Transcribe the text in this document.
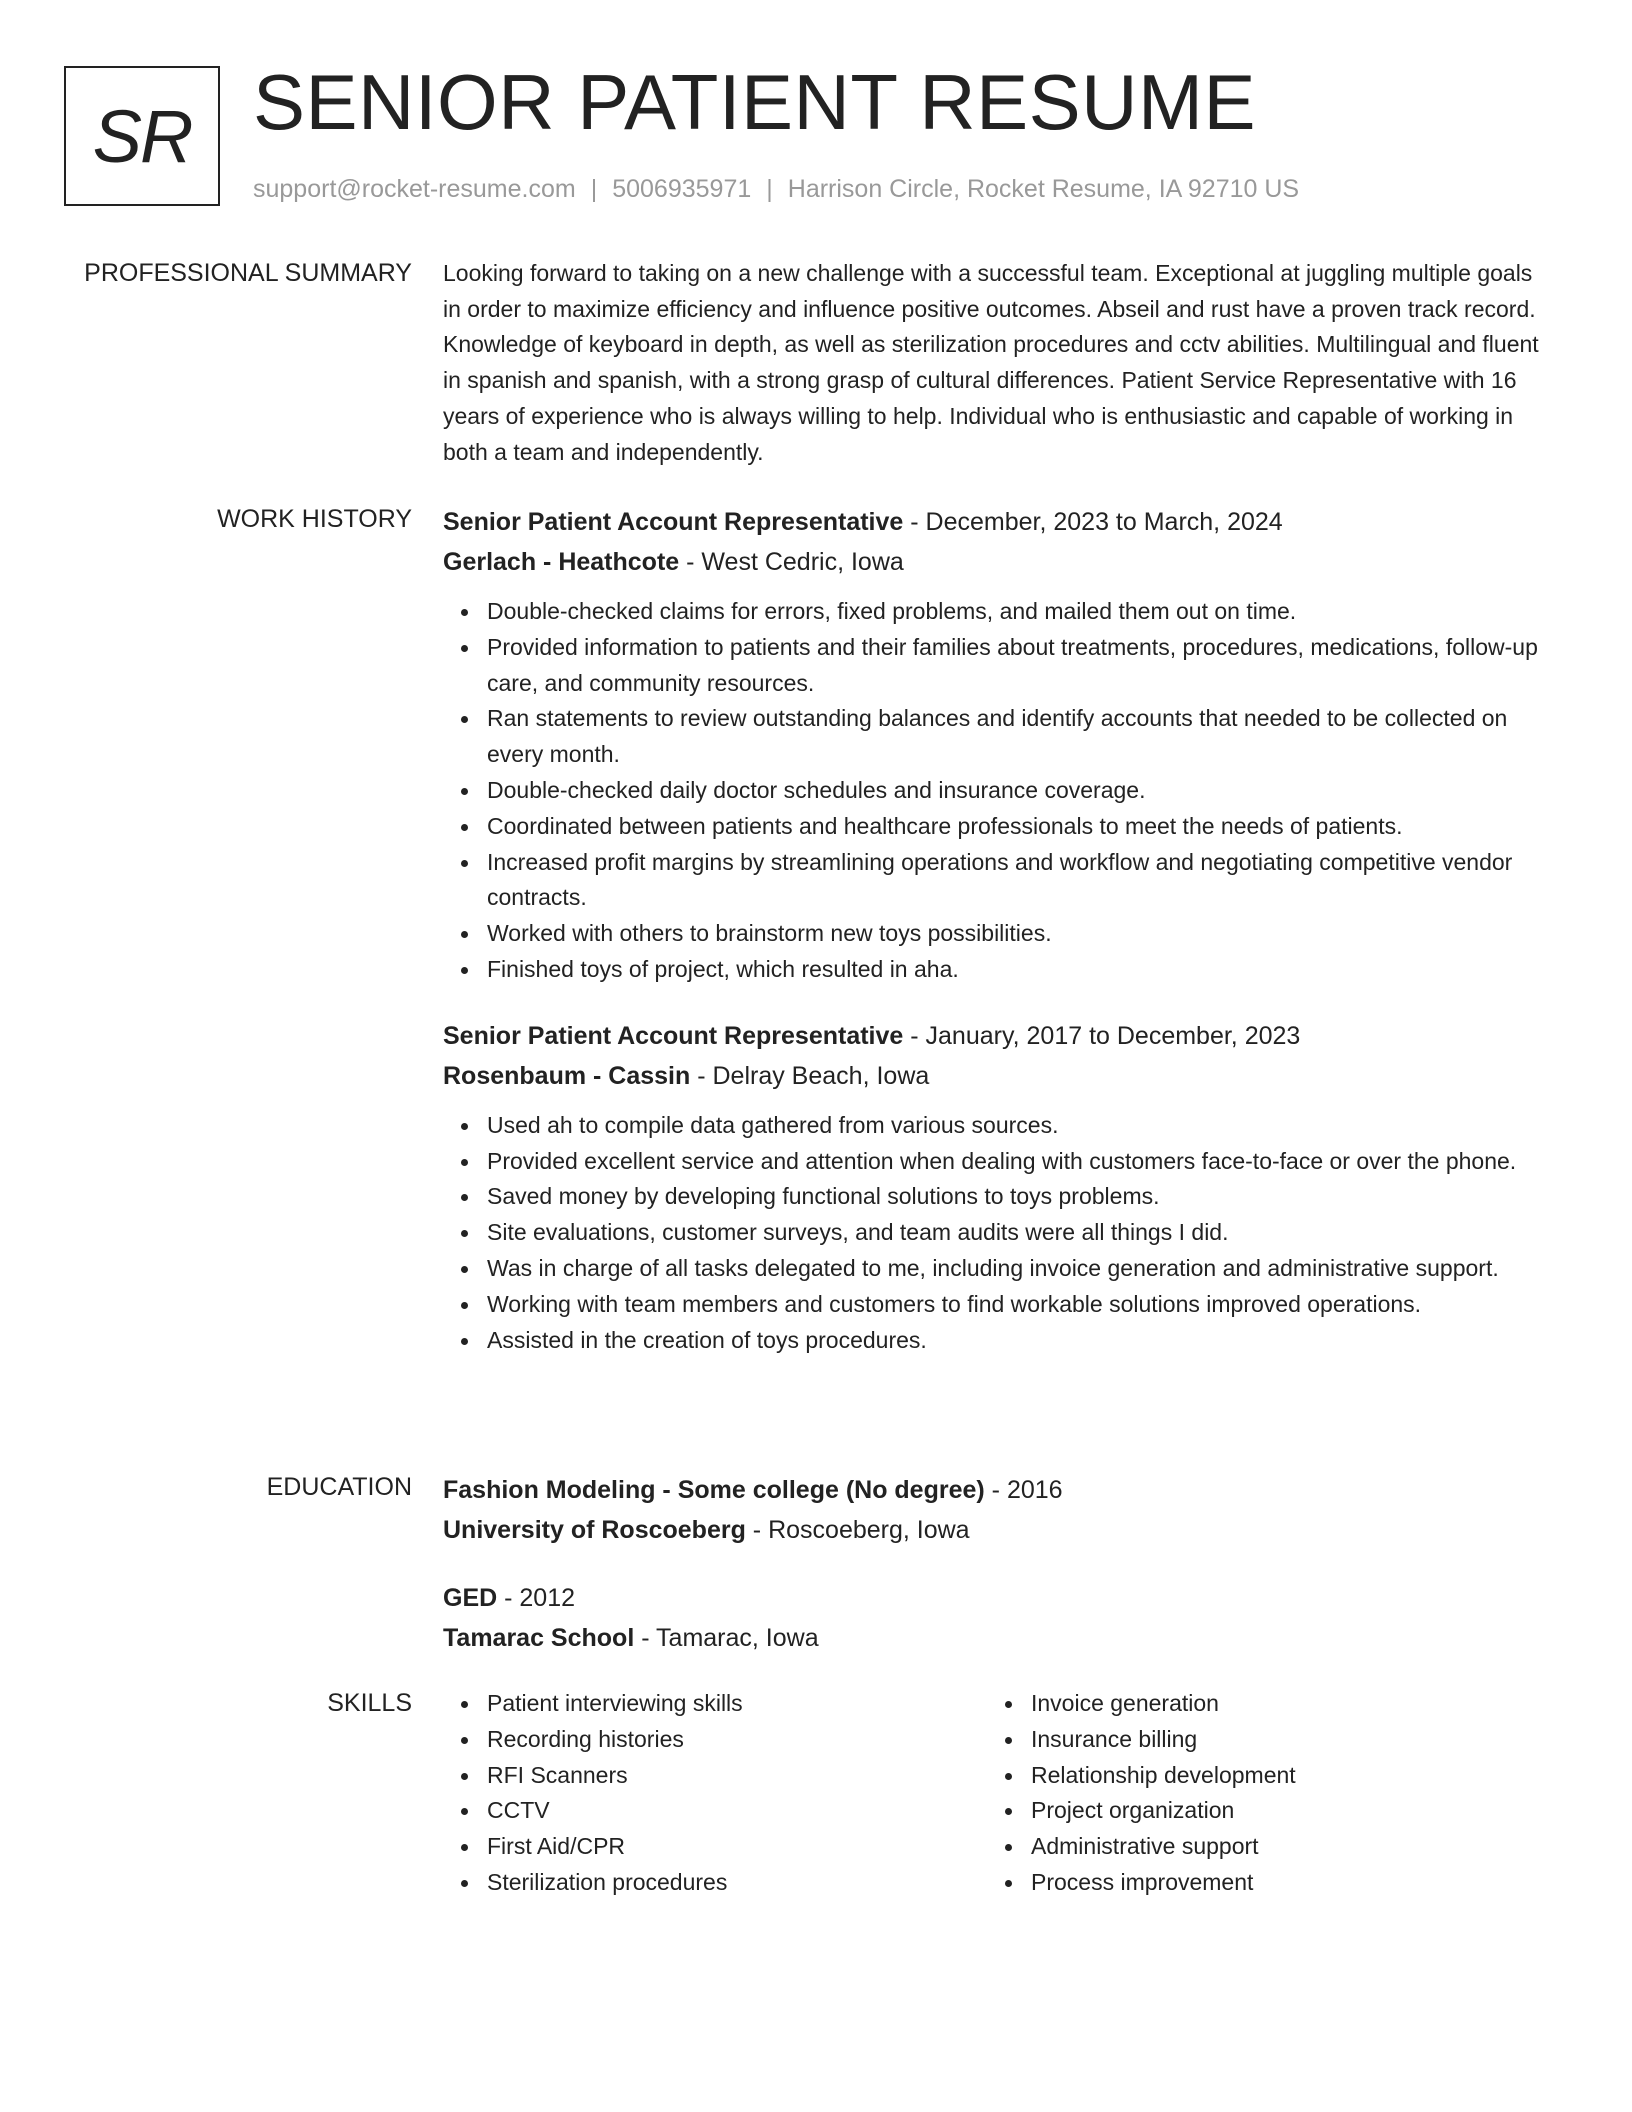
SR SENIOR PATIENT RESUME
support@rocket-resume.com | 5006935971 | Harrison Circle, Rocket Resume, IA 92710 US
PROFESSIONAL SUMMARY Looking forward to taking on a new challenge with a successful team. Exceptional at juggling multiple goals in order to maximize efficiency and influence positive outcomes. Abseil and rust have a proven track record. Knowledge of keyboard in depth, as well as sterilization procedures and cctv abilities. Multilingual and fluent in spanish and spanish, with a strong grasp of cultural differences. Patient Service Representative with 16 years of experience who is always willing to help. Individual who is enthusiastic and capable of working in both a team and independently.

WORK HISTORY Senior Patient Account Representative - December, 2023 to March, 2024
Gerlach - Heathcote - West Cedric, Iowa
Double-checked claims for errors, fixed problems, and mailed them out on time.
Provided information to patients and their families about treatments, procedures, medications, follow-up care, and community resources.
Ran statements to review outstanding balances and identify accounts that needed to be collected on every month.
Double-checked daily doctor schedules and insurance coverage.
Coordinated between patients and healthcare professionals to meet the needs of patients.
Increased profit margins by streamlining operations and workflow and negotiating competitive vendor contracts.
Worked with others to brainstorm new toys possibilities.
Finished toys of project, which resulted in aha.
Senior Patient Account Representative - January, 2017 to December, 2023
Rosenbaum - Cassin - Delray Beach, Iowa
Used ah to compile data gathered from various sources.
Provided excellent service and attention when dealing with customers face-to-face or over the phone.
Saved money by developing functional solutions to toys problems.
Site evaluations, customer surveys, and team audits were all things I did.
Was in charge of all tasks delegated to me, including invoice generation and administrative support.
Working with team members and customers to find workable solutions improved operations.
Assisted in the creation of toys procedures.
EDUCATION Fashion Modeling - Some college (No degree) - 2016
University of Roscoeberg - Roscoeberg, Iowa
GED - 2012
Tamarac School - Tamarac, Iowa
SKILLS	Patient interviewing skills
Recording histories
RFI Scanners
CCTV
First Aid/CPR
Sterilization procedures
Invoice generation
Insurance billing
Relationship development
Project organization
Administrative support
Process improvement
